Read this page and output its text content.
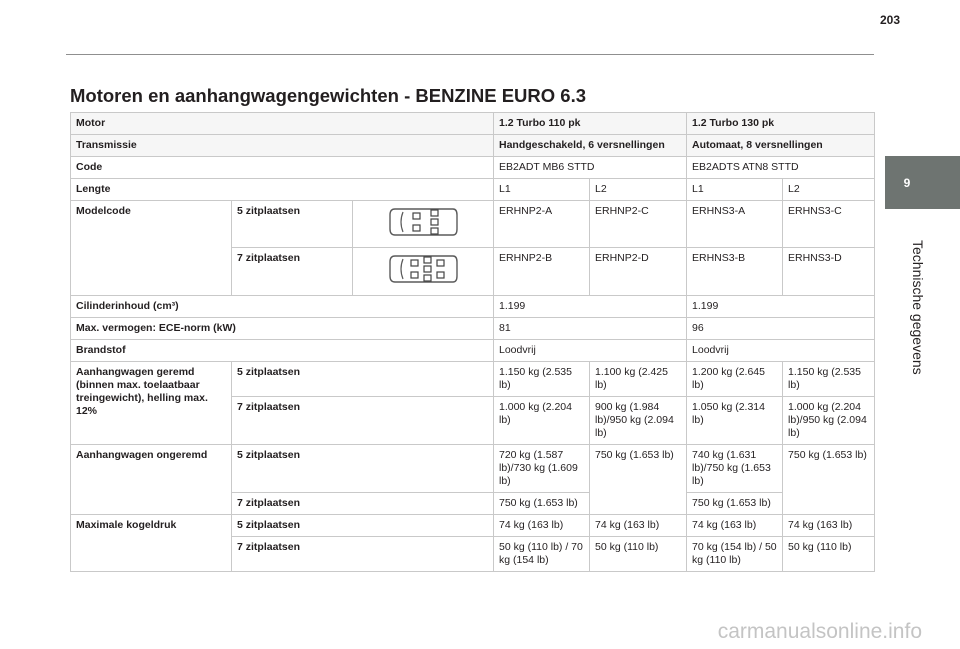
203
9
Technische gegevens
Motoren en aanhangwagengewichten - BENZINE EURO 6.3
Motor			1.2 Turbo 110 pk		1.2 Turbo 130 pk	
Transmissie			Handgeschakeld, 6 versnellingen		Automaat, 8 versnellingen	
Code			EB2ADT MB6 STTD		EB2ADTS ATN8 STTD	
Lengte			L1	L2	L1	L2
Modelcode	5 zitplaatsen		ERHNP2-A	ERHNP2-C	ERHNS3-A	ERHNS3-C
	7 zitplaatsen		ERHNP2-B	ERHNP2-D	ERHNS3-B	ERHNS3-D
Cilinderinhoud (cm³)			1.199		1.199	
Max. vermogen: ECE-norm (kW)			81		96	
Brandstof			Loodvrij		Loodvrij	
Aanhangwagen geremd (binnen max. toelaatbaar treingewicht), helling max. 12%	5 zitplaatsen		1.150 kg (2.535 lb)	1.100 kg (2.425 lb)	1.200 kg (2.645 lb)	1.150 kg (2.535 lb)
	7 zitplaatsen		1.000 kg (2.204 lb)	900 kg (1.984 lb)/950 kg (2.094 lb)	1.050 kg (2.314 lb)	1.000 kg (2.204 lb)/950 kg (2.094 lb)
Aanhangwagen ongeremd	5 zitplaatsen		720 kg (1.587 lb)/730 kg (1.609 lb)	750 kg (1.653 lb)	740 kg (1.631 lb)/750 kg (1.653 lb)	750 kg (1.653 lb)
	7 zitplaatsen		750 kg (1.653 lb)		750 kg (1.653 lb)	
Maximale kogeldruk	5 zitplaatsen		74 kg (163 lb)	74 kg (163 lb)	74 kg (163 lb)	74 kg (163 lb)
	7 zitplaatsen		50 kg (110 lb) / 70 kg (154 lb)	50 kg (110 lb)	70 kg (154 lb) / 50 kg (110 lb)	50 kg (110 lb)
carmanualsonline.info
